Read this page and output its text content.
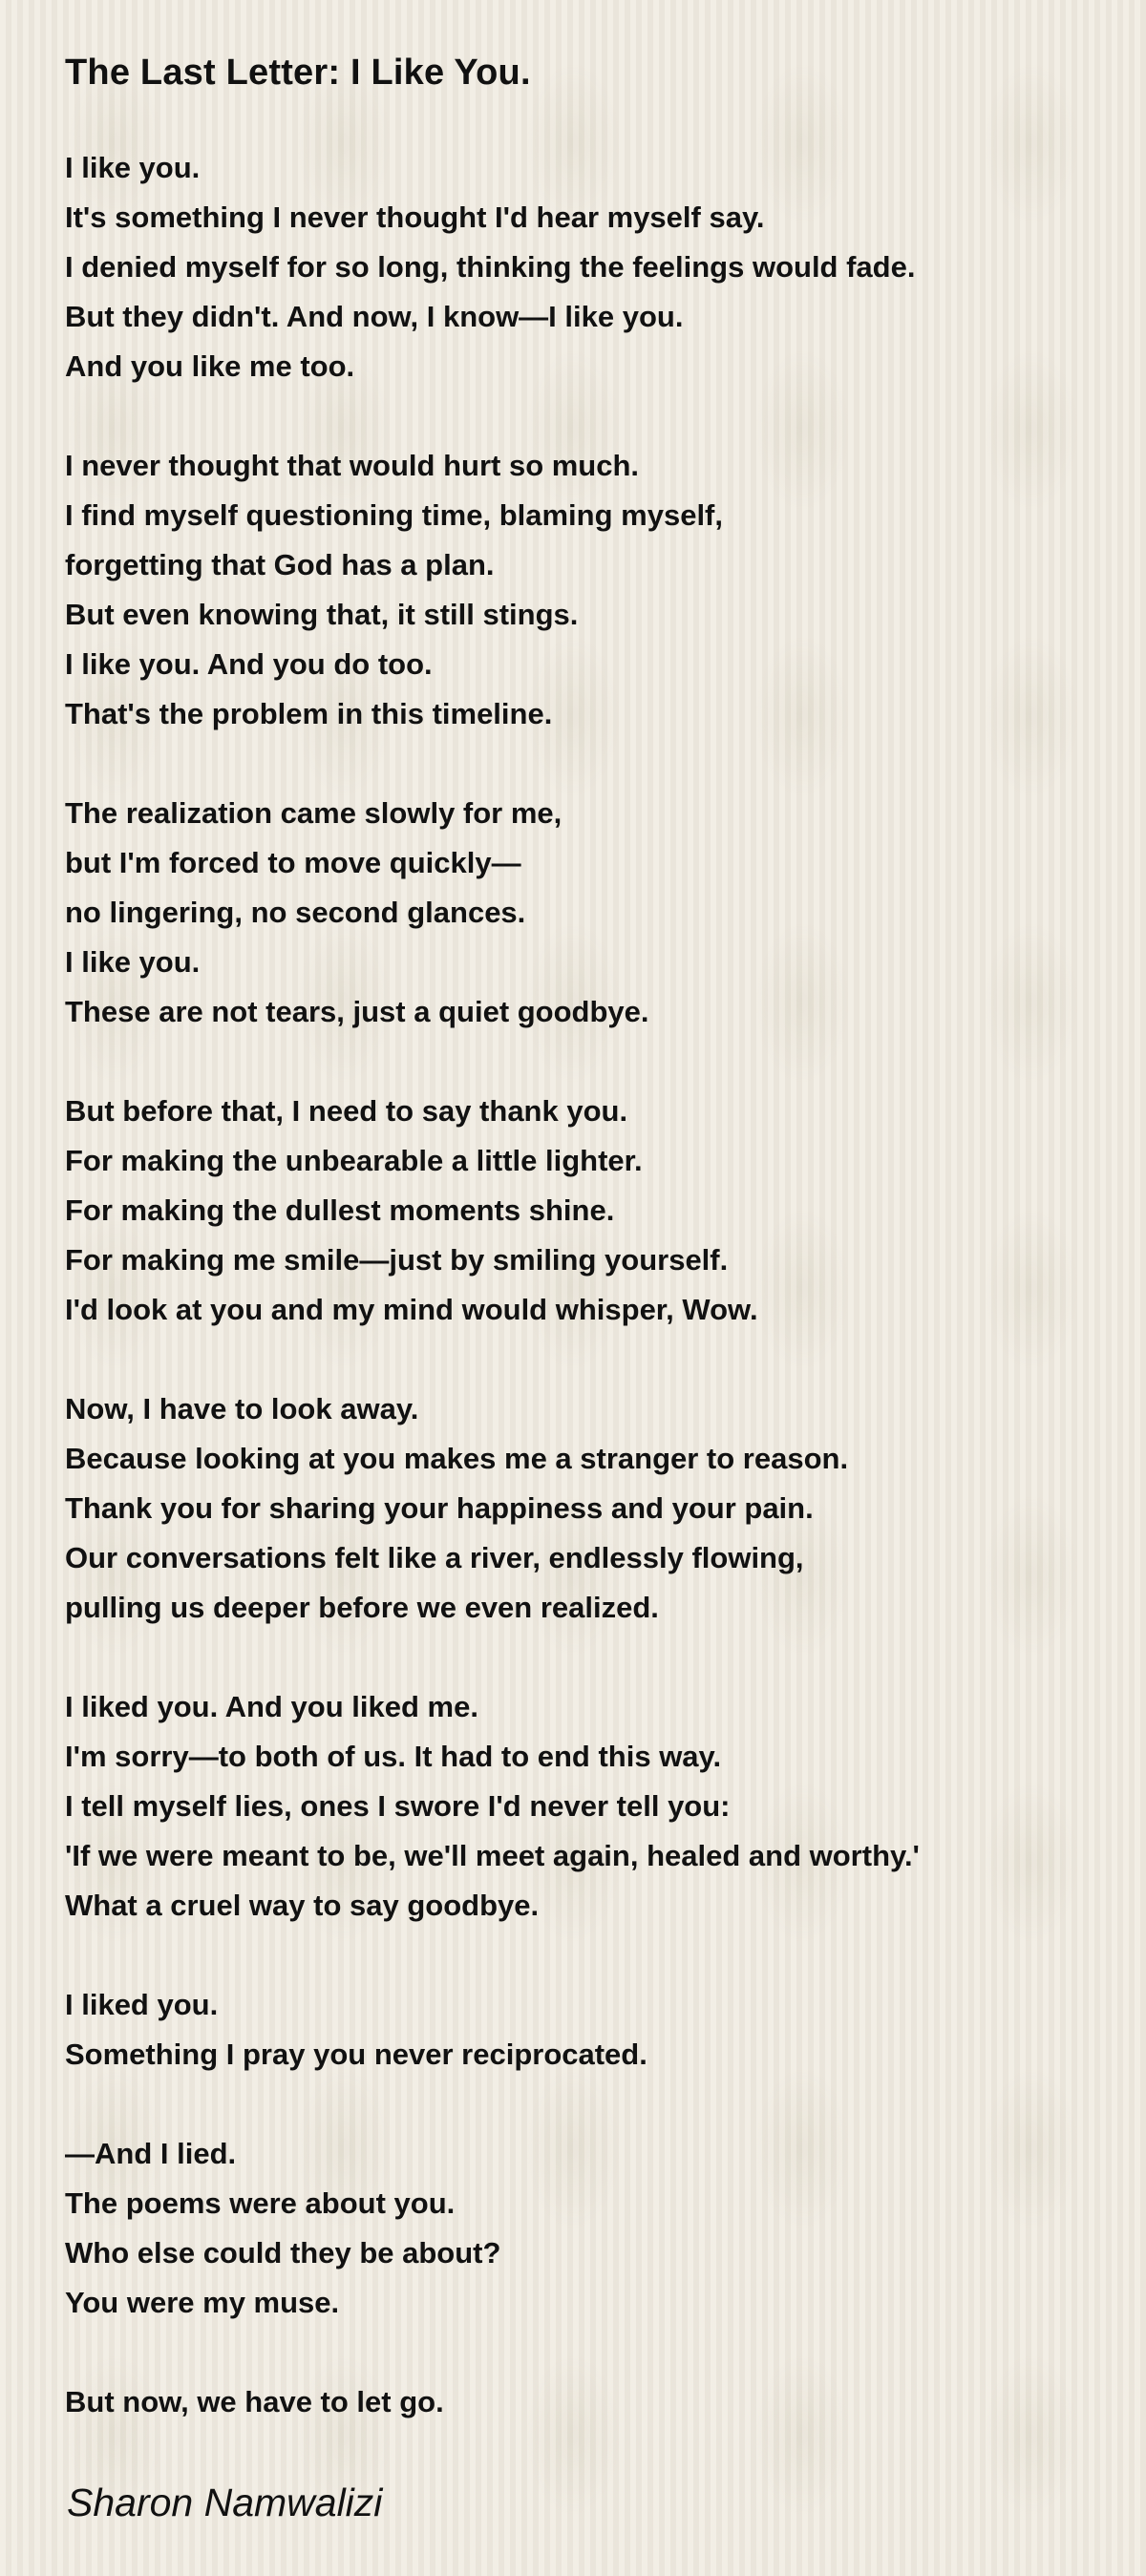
The Last Letter: I Like You.
I like you.
It's something I never thought I'd hear myself say.
I denied myself for so long, thinking the feelings would fade.
But they didn't. And now, I know—I like you.
And you like me too.
I never thought that would hurt so much.
I find myself questioning time, blaming myself,
forgetting that God has a plan.
But even knowing that, it still stings.
I like you. And you do too.
That's the problem in this timeline.
The realization came slowly for me,
but I'm forced to move quickly—
no lingering, no second glances.
I like you.
These are not tears, just a quiet goodbye.
But before that, I need to say thank you.
For making the unbearable a little lighter.
For making the dullest moments shine.
For making me smile—just by smiling yourself.
I'd look at you and my mind would whisper, Wow.
Now, I have to look away.
Because looking at you makes me a stranger to reason.
Thank you for sharing your happiness and your pain.
Our conversations felt like a river, endlessly flowing,
pulling us deeper before we even realized.
I liked you. And you liked me.
I'm sorry—to both of us. It had to end this way.
I tell myself lies, ones I swore I'd never tell you:
'If we were meant to be, we'll meet again, healed and worthy.'
What a cruel way to say goodbye.
I liked you.
Something I pray you never reciprocated.
—And I lied.
The poems were about you.
Who else could they be about?
You were my muse.
But now, we have to let go.
Sharon Namwalizi
